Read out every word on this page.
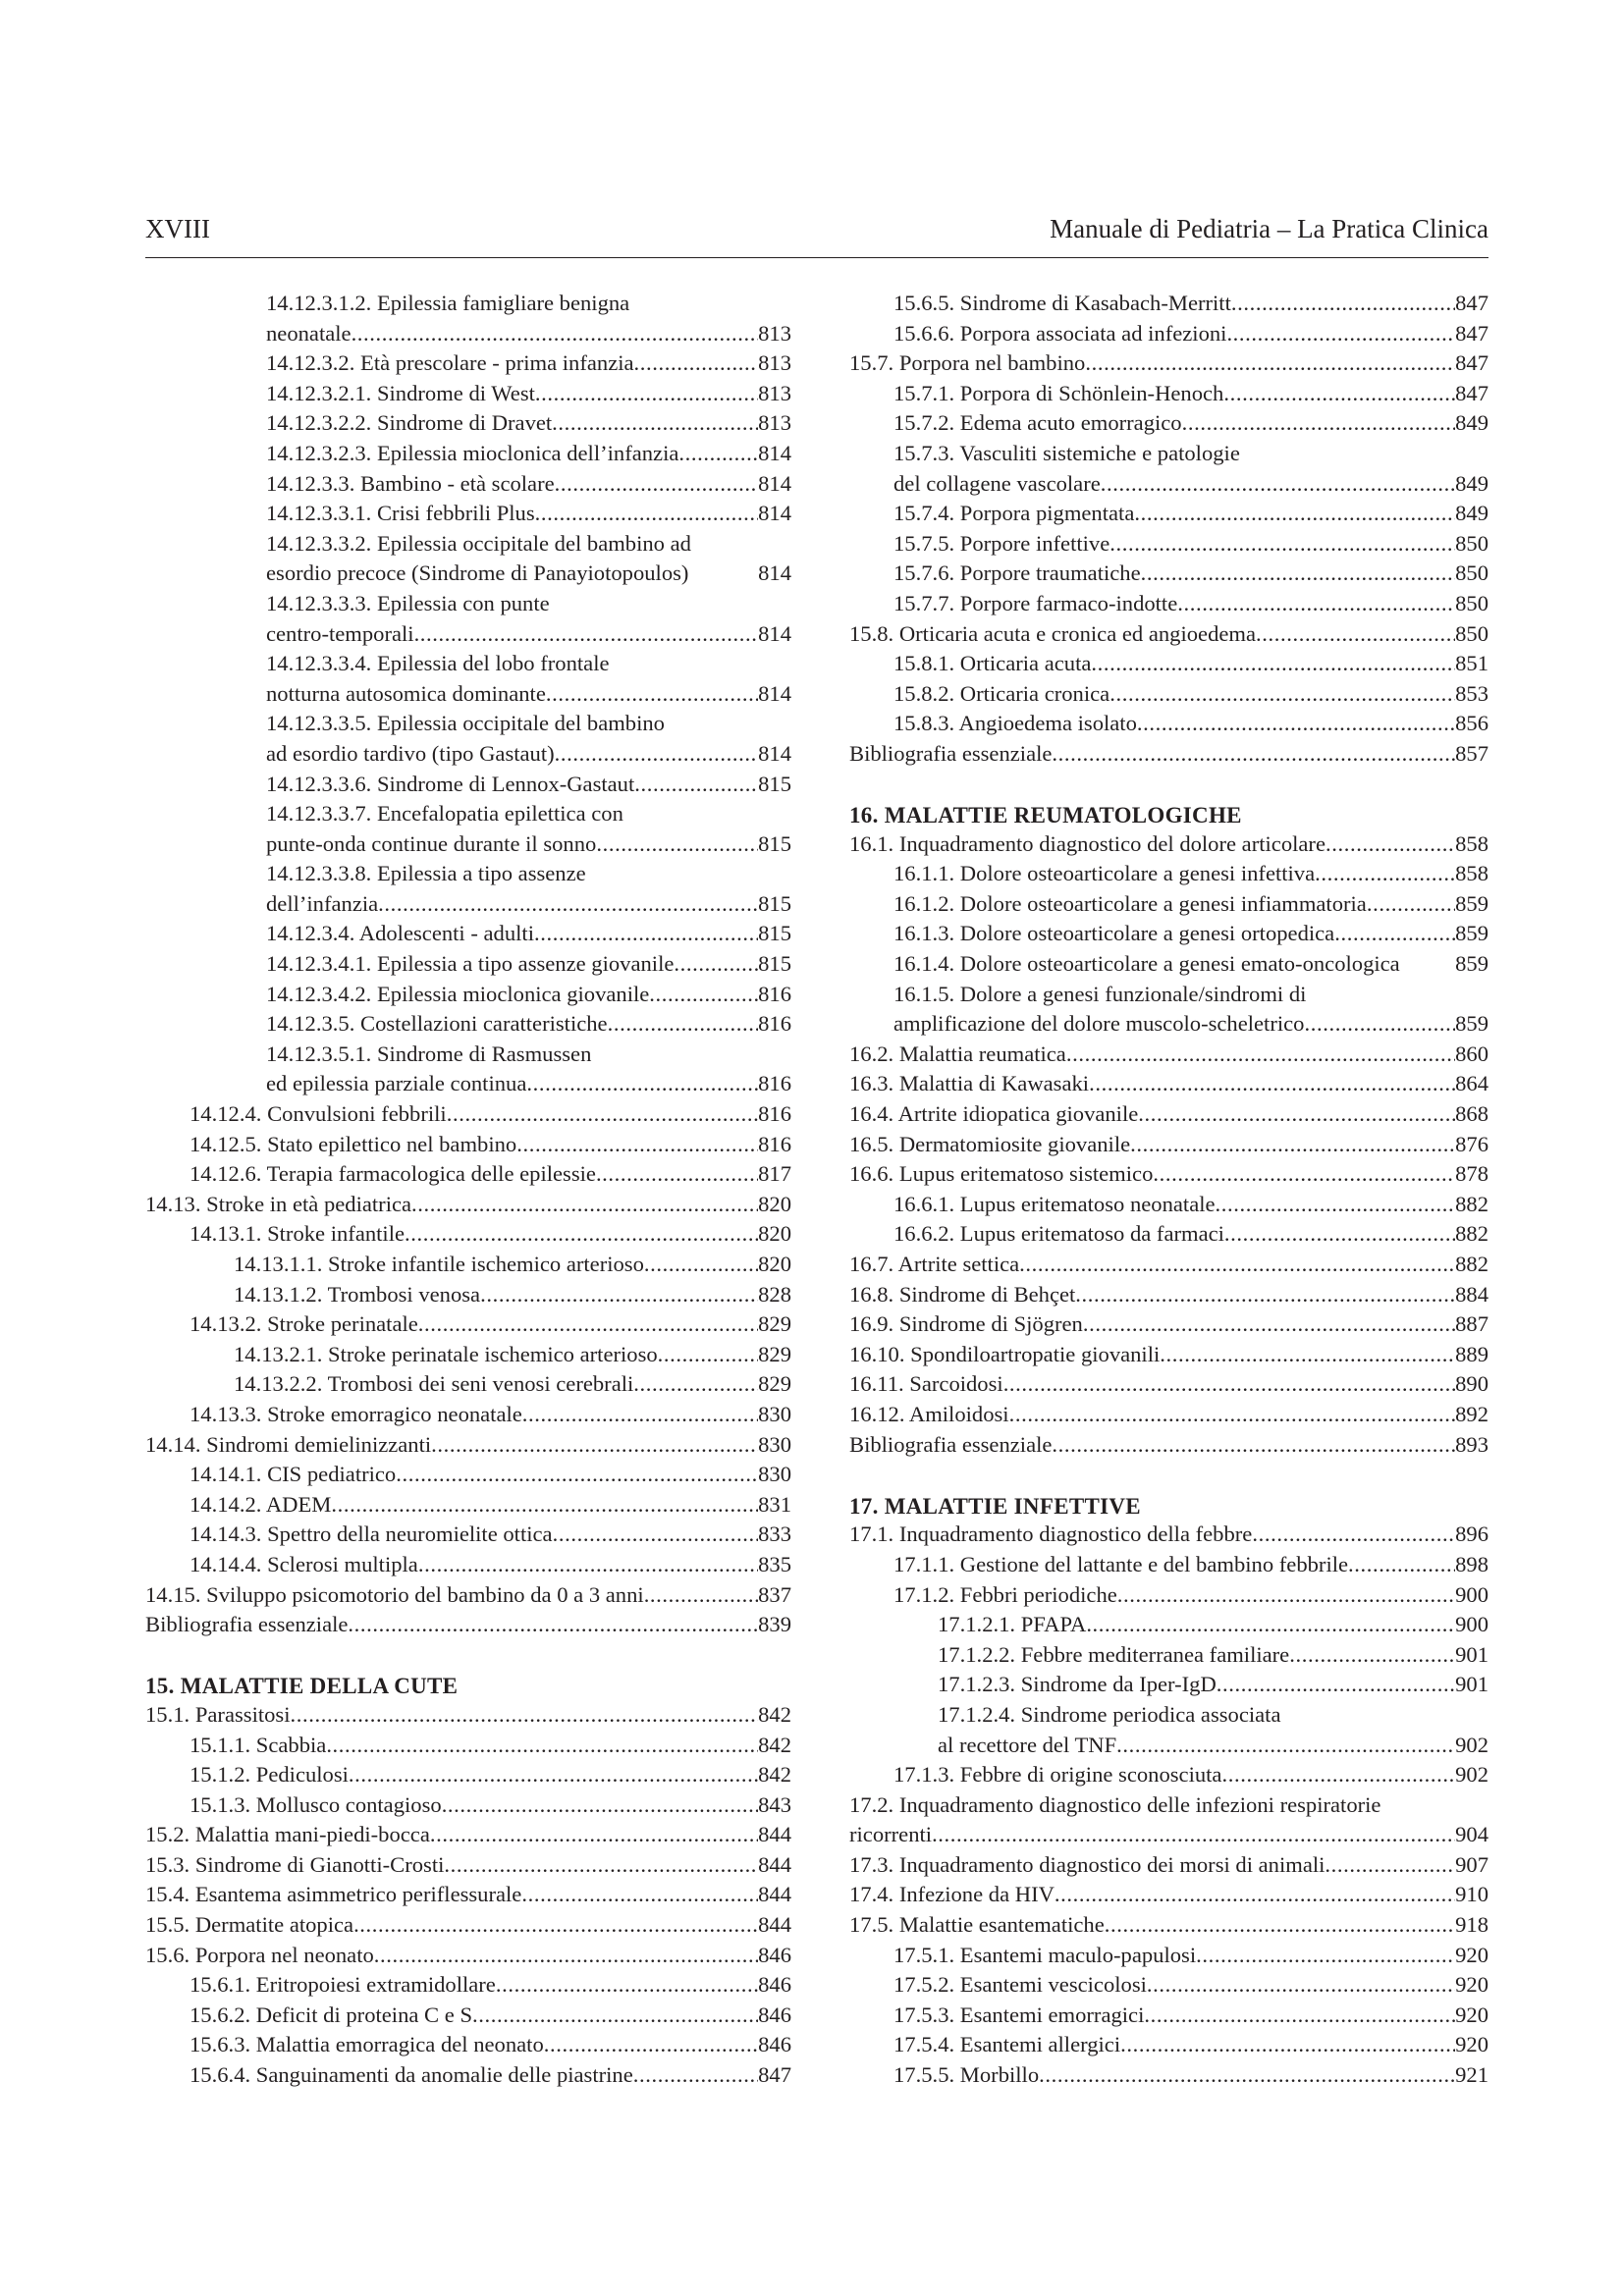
XVIII	Manuale di Pediatria – La Pratica Clinica
14.12.3.1.2. Epilessia famigliare benigna
neonatale .....	813
14.12.3.2. Età prescolare - prima infanzia .....	813
14.12.3.2.1. Sindrome di West .....	813
14.12.3.2.2. Sindrome di Dravet .....	813
14.12.3.2.3. Epilessia mioclonica dell’infanzia .....	814
14.12.3.3. Bambino - età scolare .....	814
14.12.3.3.1. Crisi febbrili Plus .....	814
14.12.3.3.2. Epilessia occipitale del bambino ad
esordio precoce (Sindrome di Panayiotopoulos)	814
14.12.3.3.3. Epilessia con punte
centro-temporali .....	814
14.12.3.3.4. Epilessia del lobo frontale
notturna autosomica dominante .....	814
14.12.3.3.5. Epilessia occipitale del bambino
ad esordio tardivo (tipo Gastaut) .....	814
14.12.3.3.6. Sindrome di Lennox-Gastaut .....	815
14.12.3.3.7. Encefalopatia epilettica con
punte-onda continue durante il sonno .....	815
14.12.3.3.8. Epilessia a tipo assenze
dell’infanzia .....	815
14.12.3.4. Adolescenti - adulti .....	815
14.12.3.4.1. Epilessia a tipo assenze giovanile .....	815
14.12.3.4.2. Epilessia mioclonica giovanile .....	816
14.12.3.5. Costellazioni caratteristiche .....	816
14.12.3.5.1. Sindrome di Rasmussen
ed epilessia parziale continua .....	816
14.12.4. Convulsioni febbrili .....	816
14.12.5. Stato epilettico nel bambino .....	816
14.12.6. Terapia farmacologica delle epilessie .....	817
14.13. Stroke in età pediatrica .....	820
14.13.1. Stroke infantile .....	820
14.13.1.1. Stroke infantile ischemico arterioso .....	820
14.13.1.2. Trombosi venosa .....	828
14.13.2. Stroke perinatale .....	829
14.13.2.1. Stroke perinatale ischemico arterioso .....	829
14.13.2.2. Trombosi dei seni venosi cerebrali .....	829
14.13.3. Stroke emorragico neonatale .....	830
14.14. Sindromi demielinizzanti .....	830
14.14.1. CIS pediatrico .....	830
14.14.2. ADEM .....	831
14.14.3. Spettro della neuromielite ottica .....	833
14.14.4. Sclerosi multipla .....	835
14.15. Sviluppo psicomotorio del bambino da 0 a 3 anni .....	837
Bibliografia essenziale .....	839
15. MALATTIE DELLA CUTE
15.1. Parassitosi .....	842
15.1.1. Scabbia .....	842
15.1.2. Pediculosi .....	842
15.1.3. Mollusco contagioso .....	843
15.2. Malattia mani-piedi-bocca .....	844
15.3. Sindrome di Gianotti-Crosti .....	844
15.4. Esantema asimmetrico periflessurale .....	844
15.5. Dermatite atopica .....	844
15.6. Porpora nel neonato .....	846
15.6.1. Eritropoiesi extramidollare .....	846
15.6.2. Deficit di proteina C e S .....	846
15.6.3. Malattia emorragica del neonato .....	846
15.6.4. Sanguinamenti da anomalie delle piastrine .....	847
15.6.5. Sindrome di Kasabach-Merritt .....	847
15.6.6. Porpora associata ad infezioni .....	847
15.7. Porpora nel bambino .....	847
15.7.1. Porpora di Schönlein-Henoch .....	847
15.7.2. Edema acuto emorragico .....	849
15.7.3. Vasculiti sistemiche e patologie
del collagene vascolare .....	849
15.7.4. Porpora pigmentata .....	849
15.7.5. Porpore infettive .....	850
15.7.6. Porpore traumatiche .....	850
15.7.7. Porpore farmaco-indotte .....	850
15.8. Orticaria acuta e cronica ed angioedema .....	850
15.8.1. Orticaria acuta .....	851
15.8.2. Orticaria cronica .....	853
15.8.3. Angioedema isolato .....	856
Bibliografia essenziale .....	857
16. MALATTIE REUMATOLOGICHE
16.1. Inquadramento diagnostico del dolore articolare .....	858
16.1.1. Dolore osteoarticolare a genesi infettiva .....	858
16.1.2. Dolore osteoarticolare a genesi infiammatoria .....	859
16.1.3. Dolore osteoarticolare a genesi ortopedica .....	859
16.1.4. Dolore osteoarticolare a genesi emato-oncologica 859
16.1.5. Dolore a genesi funzionale/sindromi di
amplificazione del dolore muscolo-scheletrico .....	859
16.2. Malattia reumatica .....	860
16.3. Malattia di Kawasaki .....	864
16.4. Artrite idiopatica giovanile .....	868
16.5. Dermatomiosite giovanile .....	876
16.6. Lupus eritematoso sistemico .....	878
16.6.1. Lupus eritematoso neonatale .....	882
16.6.2. Lupus eritematoso da farmaci .....	882
16.7. Artrite settica .....	882
16.8. Sindrome di Behçet .....	884
16.9. Sindrome di Sjögren .....	887
16.10. Spondiloartropatie giovanili .....	889
16.11. Sarcoidosi .....	890
16.12. Amiloidosi .....	892
Bibliografia essenziale .....	893
17. MALATTIE INFETTIVE
17.1. Inquadramento diagnostico della febbre .....	896
17.1.1. Gestione del lattante e del bambino febbrile .....	898
17.1.2. Febbri periodiche .....	900
17.1.2.1. PFAPA .....	900
17.1.2.2. Febbre mediterranea familiare .....	901
17.1.2.3. Sindrome da Iper-IgD .....	901
17.1.2.4. Sindrome periodica associata
al recettore del TNF .....	902
17.1.3. Febbre di origine sconosciuta .....	902
17.2. Inquadramento diagnostico delle infezioni respiratorie
ricorrenti .....	904
17.3. Inquadramento diagnostico dei morsi di animali .....	907
17.4. Infezione da HIV .....	910
17.5. Malattie esantematiche .....	918
17.5.1. Esantemi maculo-papulosi .....	920
17.5.2. Esantemi vescicolosi .....	920
17.5.3. Esantemi emorragici .....	920
17.5.4. Esantemi allergici .....	920
17.5.5. Morbillo .....	921
